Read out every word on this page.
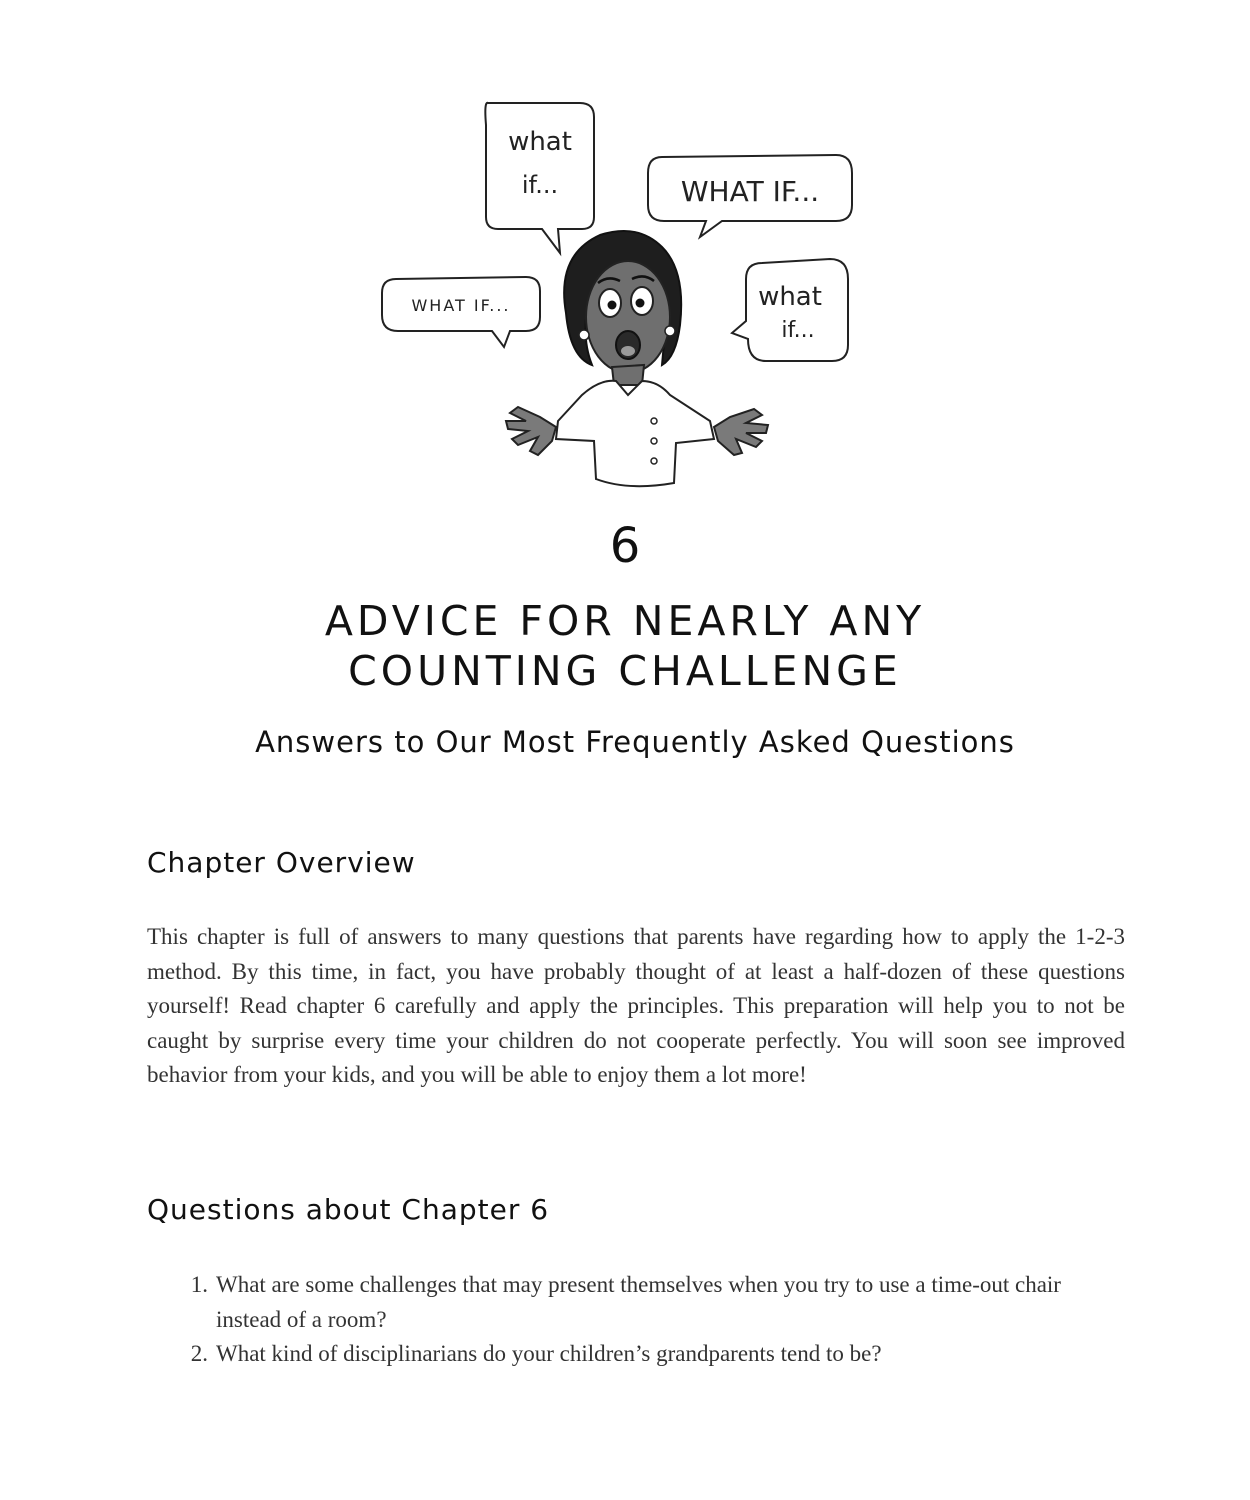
what
if...	WHAT IF...
WHAT IF...	what
if...
6
ADVICE FOR NEARLY ANY
COUNTING CHALLENGE
Answers to Our Most Frequently Asked Questions
Chapter Overview

This chapter is full of answers to many questions that parents have regarding how to apply the 1-2-3 method. By this time, in fact, you have probably thought of at least a half-dozen of these questions yourself! Read chapter 6 carefully and apply the principles. This preparation will help you to not be caught by surprise every time your children do not cooperate perfectly. You will soon see improved behavior from your kids, and you will be able to enjoy them a lot more!

Questions about Chapter 6
1. What are some challenges that may present themselves when you try to use a time-out chair instead of a room?
2. What kind of disciplinarians do your children’s grandparents tend to be?
